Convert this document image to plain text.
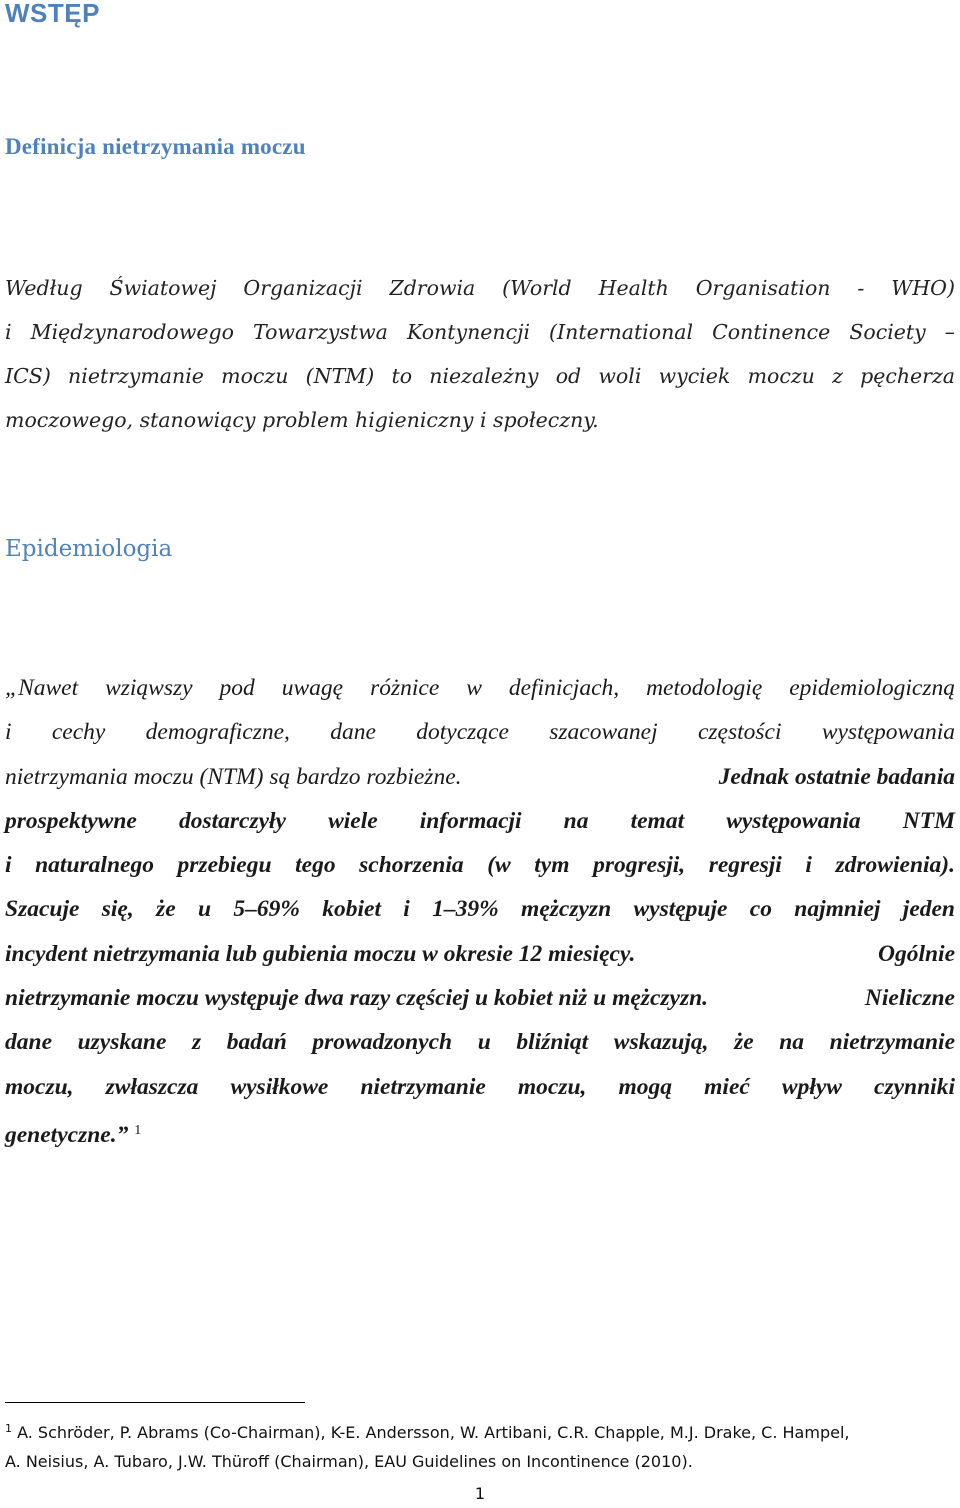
WSTĘP
Definicja nietrzymania moczu
Według Światowej Organizacji Zdrowia (World Health Organisation - WHO)
i Międzynarodowego Towarzystwa Kontynencji (International Continence Society –
ICS) nietrzymanie moczu (NTM) to niezależny od woli wyciek moczu z pęcherza
moczowego, stanowiący problem higieniczny i społeczny.
Epidemiologia
„Nawet wziąwszy pod uwagę różnice w definicjach, metodologię epidemiologiczną
i cechy demograficzne, dane dotyczące szacowanej częstości występowania
nietrzymania moczu (NTM) są bardzo rozbieżne.	Jednak ostatnie badania
prospektywne dostarczyły wiele informacji na temat występowania NTM
i naturalnego przebiegu tego schorzenia (w tym progresji, regresji i zdrowienia).
Szacuje się, że u 5–69% kobiet i 1–39% mężczyzn występuje co najmniej jeden
incydent nietrzymania lub gubienia moczu w okresie 12 miesięcy.	Ogólnie
nietrzymanie moczu występuje dwa razy częściej u kobiet niż u mężczyzn.	Nieliczne
dane uzyskane z badań prowadzonych u bliźniąt wskazują, że na nietrzymanie
moczu, zwłaszcza wysiłkowe nietrzymanie moczu, mogą mieć wpływ czynniki
genetyczne.” $^1$

$^1$ A. Schröder, P. Abrams (Co-Chairman), K-E. Andersson, W. Artibani, C.R. Chapple, M.J. Drake, C. Hampel,
A. Neisius, A. Tubaro, J.W. Thüroff (Chairman), EAU Guidelines on Incontinence (2010).

1
